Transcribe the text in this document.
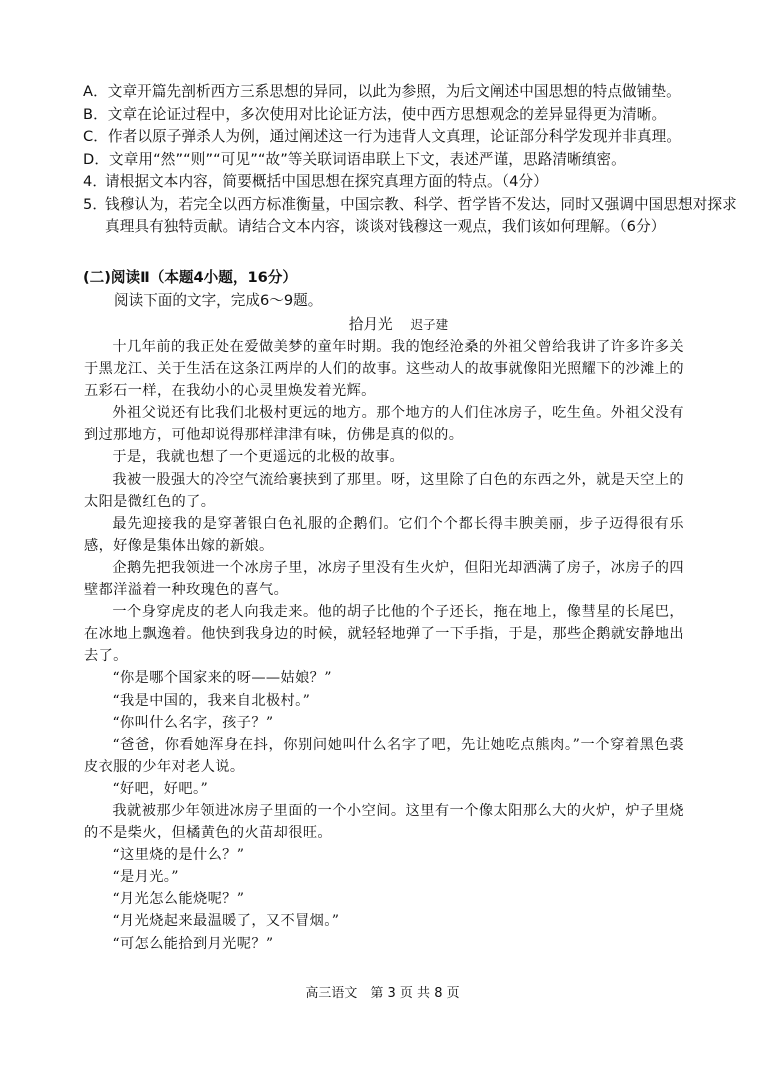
A．文章开篇先剖析西方三系思想的异同，以此为参照，为后文阐述中国思想的特点做铺垫。

B．文章在论证过程中，多次使用对比论证方法，使中西方思想观念的差异显得更为清晰。

C．作者以原子弹杀人为例，通过阐述这一行为违背人文真理，论证部分科学发现并非真理。

D．文章用“然”“则”“可见”“故”等关联词语串联上下文，表述严谨，思路清晰缜密。

4．
请根据文本内容，简要概括中国思想在探究真理方面的特点。（4分）
5．
钱穆认为，若完全以西方标准衡量，中国宗教、科学、哲学皆不发达，同时又强调中国思想对探求真理具有独特贡献。请结合文本内容，谈谈对钱穆这一观点，我们该如何理解。（6分）
(二)阅读Ⅱ（本题4小题，16分）
阅读下面的文字，完成6～9题。
拾月光 迟子建

十几年前的我正处在爱做美梦的童年时期。我的饱经沧桑的外祖父曾给我讲了许多许多关于黑龙江、关于生活在这条江两岸的人们的故事。这些动人的故事就像阳光照耀下的沙滩上的五彩石一样，在我幼小的心灵里焕发着光辉。

外祖父说还有比我们北极村更远的地方。那个地方的人们住冰房子，吃生鱼。外祖父没有到过那地方，可他却说得那样津津有味，仿佛是真的似的。

于是，我就也想了一个更遥远的北极的故事。

我被一股强大的冷空气流给裹挟到了那里。呀，这里除了白色的东西之外，就是天空上的太阳是微红色的了。

最先迎接我的是穿著银白色礼服的企鹅们。它们个个都长得丰腴美丽，步子迈得很有乐感，好像是集体出嫁的新娘。

企鹅先把我领进一个冰房子里，冰房子里没有生火炉，但阳光却洒满了房子，冰房子的四壁都洋溢着一种玫瑰色的喜气。

一个身穿虎皮的老人向我走来。他的胡子比他的个子还长，拖在地上，像彗星的长尾巴，在冰地上飘逸着。他快到我身边的时候，就轻轻地弹了一下手指，于是，那些企鹅就安静地出去了。

“你是哪个国家来的呀——姑娘？”

“我是中国的，我来自北极村。”

“你叫什么名字，孩子？”

“爸爸，你看她浑身在抖，你别问她叫什么名字了吧，先让她吃点熊肉。”一个穿着黑色裘皮衣服的少年对老人说。

“好吧，好吧。”

我就被那少年领进冰房子里面的一个小空间。这里有一个像太阳那么大的火炉，炉子里烧的不是柴火，但橘黄色的火苗却很旺。

“这里烧的是什么？”

“是月光。”

“月光怎么能烧呢？”

“月光烧起来最温暖了，又不冒烟。”

“可怎么能拾到月光呢？”

高三语文　第 3 页 共 8 页
